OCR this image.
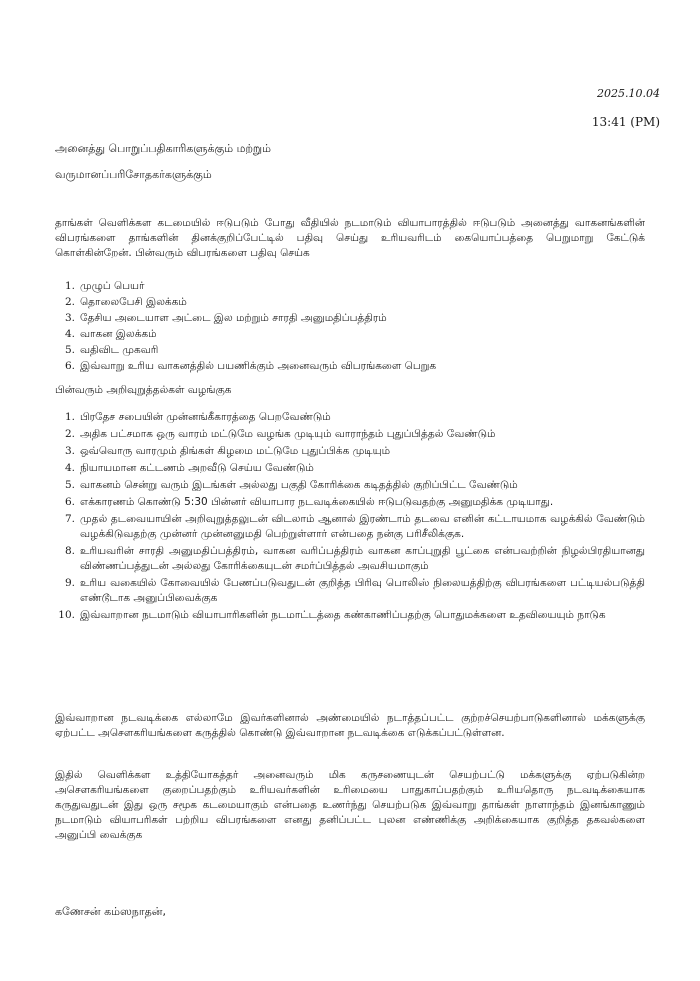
2025.10.04
13:41 (PM)
அனைத்து பொறுப்பதிகாரிகளுக்கும் மற்றும்
வருமானப்பரிசோதகர்களுக்கும்
தாங்கள் வெளிக்கள கடமையில் ஈடுபடும் போது வீதியில் நடமாடும் வியாபாரத்தில் ஈடுபடும் அனைத்து வாகனங்களின் விபரங்களை தாங்களின் தினக்குறிப்பேட்டில் பதிவு செய்து உரியவரிடம் கையொப்பத்தை பெறுமாறு கேட்டுக் கொள்கின்றேன். பின்வரும் விபரங்களை பதிவு செய்க
1. முழுப் பெயர்
2. தொலைபேசி இலக்கம்
3. தேசிய அடையாள அட்டை இல மற்றும் சாரதி அனுமதிப்பத்திரம்
4. வாகன இலக்கம்
5. வதிவிட முகவரி
6. இவ்வாறு உரிய வாகனத்தில் பயணிக்கும் அனைவரும் விபரங்களை பெறுக
பின்வரும் அறிவுறுத்தல்கள் வழங்குக
1. பிரதேச சபையின் முன்னங்கீகாரத்தை பெறவேண்டும்
2. அதிக பட்சமாக ஒரு வாரம் மட்டுமே வழங்க முடியும் வாராந்தம் புதுப்பித்தல் வேண்டும்
3. ஒவ்வொரு வாரமும் திங்கள் கிழமை மட்டுமே புதுப்பிக்க முடியும்
4. நியாயமான கட்டணம் அறவீடு செய்ய வேண்டும்
5. வாகனம் சென்று வரும் இடங்கள் அல்லது பகுதி கோரிக்கை கடிதத்தில் குறிப்பிட்ட வேண்டும்
6. எக்காரணம் கொண்டு 5:30 பின்னர் வியாபார நடவடிக்கையில் ஈடுபடுவதற்கு அனுமதிக்க முடியாது.
7. முதல் தடவையாயின் அறிவுறுத்தலுடன் விடலாம் ஆனால் இரண்டாம் தடவை எனின் கட்டாயமாக வழக்கில் வேண்டும் வழக்கிடுவதற்கு முன்னர் முன்னனுமதி பெற்றுள்ளார் என்பதை நன்கு பரிசீலிக்குக.
8. உரியவரின் சாரதி அனுமதிப்பத்திரம், வாகன வரிப்பத்திரம் வாகன காப்புறுதி பூட்கை என்பவற்றின் நிழல்பிரதியானது விண்ணப்பத்துடன் அல்லது கோரிக்கையுடன் சமர்ப்பித்தல் அவசியமாகும்
9. உரிய வகையில் கோவையில் பேணப்படுவதுடன் குறித்த பிரிவு பொலிஸ் நிலையத்திற்கு விபரங்களை பட்டியல்படுத்தி எண்டூடாக அனுப்பிவைக்குக
10. இவ்வாறான நடமாடும் வியாபாரிகளின் நடமாட்டத்தை கண்காணிப்பதற்கு பொதுமக்களை உதவியையும் நாடுக
இவ்வாறான நடவடிக்கை எல்லாமே இவர்களினால் அண்மையில் நடாத்தப்பட்ட குற்றச்செயற்பாடுகளினால் மக்களுக்கு ஏற்பட்ட அசௌகரியங்களை கருத்தில் கொண்டு இவ்வாறான நடவடிக்கை எடுக்கப்பட்டுள்ளன.
இதில் வெளிக்கள உத்தியோகத்தர் அனைவரும் மிக கருசணையுடன் செயற்பட்டு மக்களுக்கு ஏற்படுகின்ற அசௌகரியங்களை குறைப்பதற்கும் உரியவர்களின் உரிமையை பாதுகாப்பதற்கும் உரியதொரு நடவடிக்கையாக கருதுவதுடன் இது ஒரு சமூக கடமையாகும் என்பதை உணர்ந்து செயற்படுக இவ்வாறு தாங்கள் நாளாந்தம் இனங்காணும் நடமாடும் வியாபரிகள் பற்றிய விபரங்களை எனது தனிப்பட்ட புலன எண்ணிக்கு அறிக்கையாக குறித்த தகவல்களை அனுப்பி வைக்குக
கணேசன் கம்ஸநாதன்,
